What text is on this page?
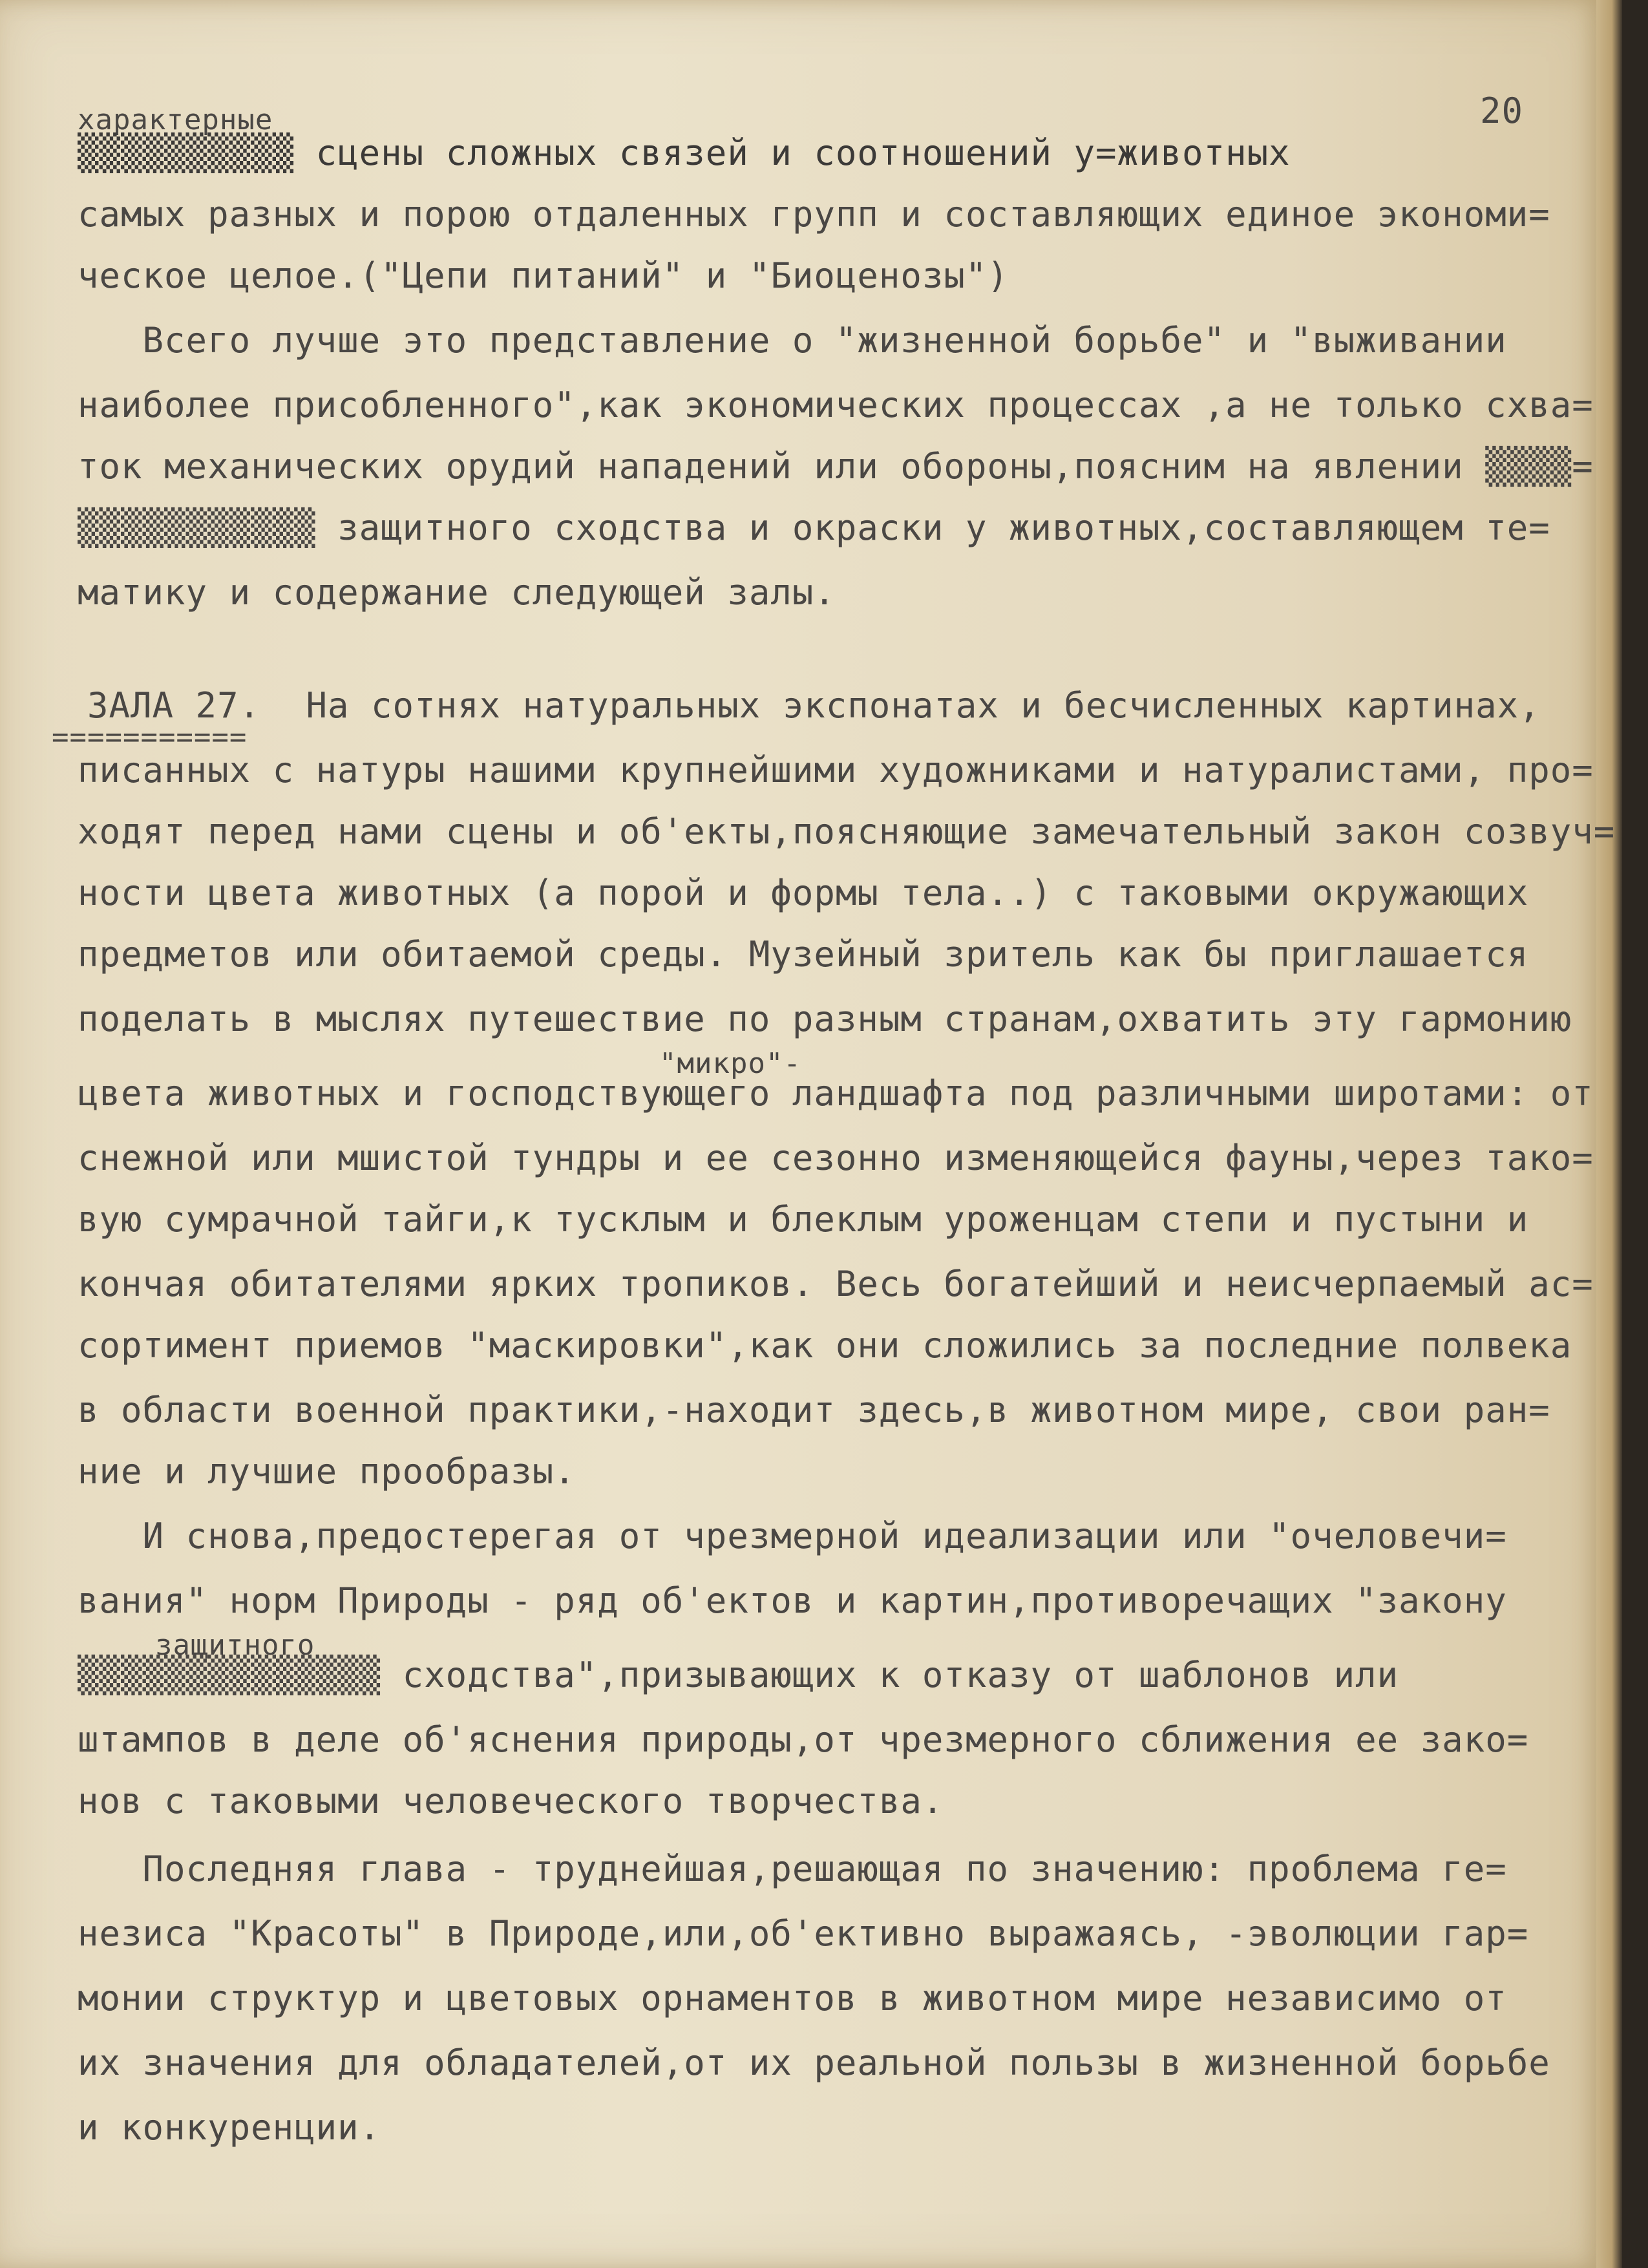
20
характерные
▒▒▒▒▒▒▒▒▒▒ сцены сложных связей и соотношений у=животных
самых разных и порою отдаленных групп и составляющих единое экономи=
ческое целое.("Цепи питаний" и "Биоценозы")
Всего лучше это представление о "жизненной борьбе" и "выживании
наиболее присобленного",как экономических процессах ,а не только схва=
ток механических орудий нападений или обороны,поясним на явлении ▒▒▒▒=
▒▒▒▒▒▒▒▒▒▒▒ защитного сходства и окраски у животных,составляющем те=
матику и содержание следующей залы.
ЗАЛА 27. На сотнях натуральных экспонатах и бесчисленных картинах,
===========
писанных с натуры нашими крупнейшими художниками и натуралистами, про=
ходят перед нами сцены и об'екты,поясняющие замечательный закон созвуч=
ности цвета животных (а порой и формы тела..) с таковыми окружающих
предметов или обитаемой среды. Музейный зритель как бы приглашается
поделать в мыслях путешествие по разным странам,охватить эту гармонию
"микро"-
цвета животных и господствующего ландшафта под различными широтами: от
снежной или мшистой тундры и ее сезонно изменяющейся фауны,через тако=
вую сумрачной тайги,к тусклым и блеклым уроженцам степи и пустыни и
кончая обитателями ярких тропиков. Весь богатейший и неисчерпаемый ас=
сортимент приемов "маскировки",как они сложились за последние полвека
в области военной практики,-находит здесь,в животном мире, свои ран=
ние и лучшие прообразы.
И снова,предостерегая от чрезмерной идеализации или "очеловечи=
вания" норм Природы - ряд об'ектов и картин,противоречащих "закону
защитного
▒▒▒▒▒▒▒▒▒▒▒▒▒▒ сходства",призывающих к отказу от шаблонов или
штампов в деле об'яснения природы,от чрезмерного сближения ее зако=
нов с таковыми человеческого творчества.
Последняя глава - труднейшая,решающая по значению: проблема ге=
незиса "Красоты" в Природе,или,об'ективно выражаясь, -эволюции гар=
монии структур и цветовых орнаментов в животном мире независимо от
их значения для обладателей,от их реальной пользы в жизненной борьбе
и конкуренции.
